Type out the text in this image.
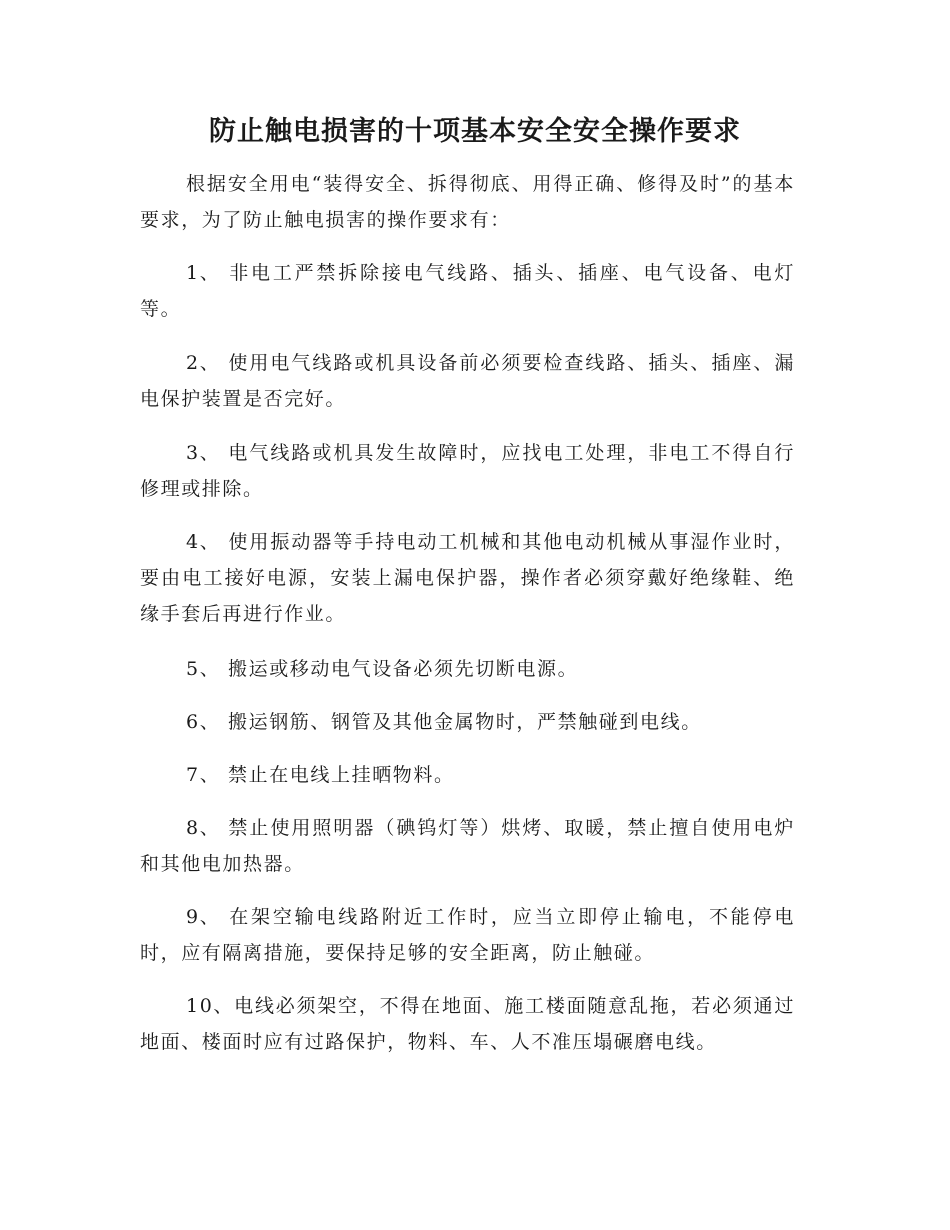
防止触电损害的十项基本安全安全操作要求

根据安全用电“装得安全、拆得彻底、用得正确、修得及时”的基本要求，为了防止触电损害的操作要求有：

1、 非电工严禁拆除接电气线路、插头、插座、电气设备、电灯等。

2、 使用电气线路或机具设备前必须要检查线路、插头、插座、漏电保护装置是否完好。

3、 电气线路或机具发生故障时，应找电工处理，非电工不得自行修理或排除。

4、 使用振动器等手持电动工机械和其他电动机械从事湿作业时，要由电工接好电源，安装上漏电保护器，操作者必须穿戴好绝缘鞋、绝缘手套后再进行作业。

5、 搬运或移动电气设备必须先切断电源。

6、 搬运钢筋、钢管及其他金属物时，严禁触碰到电线。

7、 禁止在电线上挂晒物料。

8、 禁止使用照明器（碘钨灯等）烘烤、取暖，禁止擅自使用电炉和其他电加热器。

9、 在架空输电线路附近工作时，应当立即停止输电，不能停电时，应有隔离措施，要保持足够的安全距离，防止触碰。

10、电线必须架空，不得在地面、施工楼面随意乱拖，若必须通过地面、楼面时应有过路保护，物料、车、人不准压塌碾磨电线。
